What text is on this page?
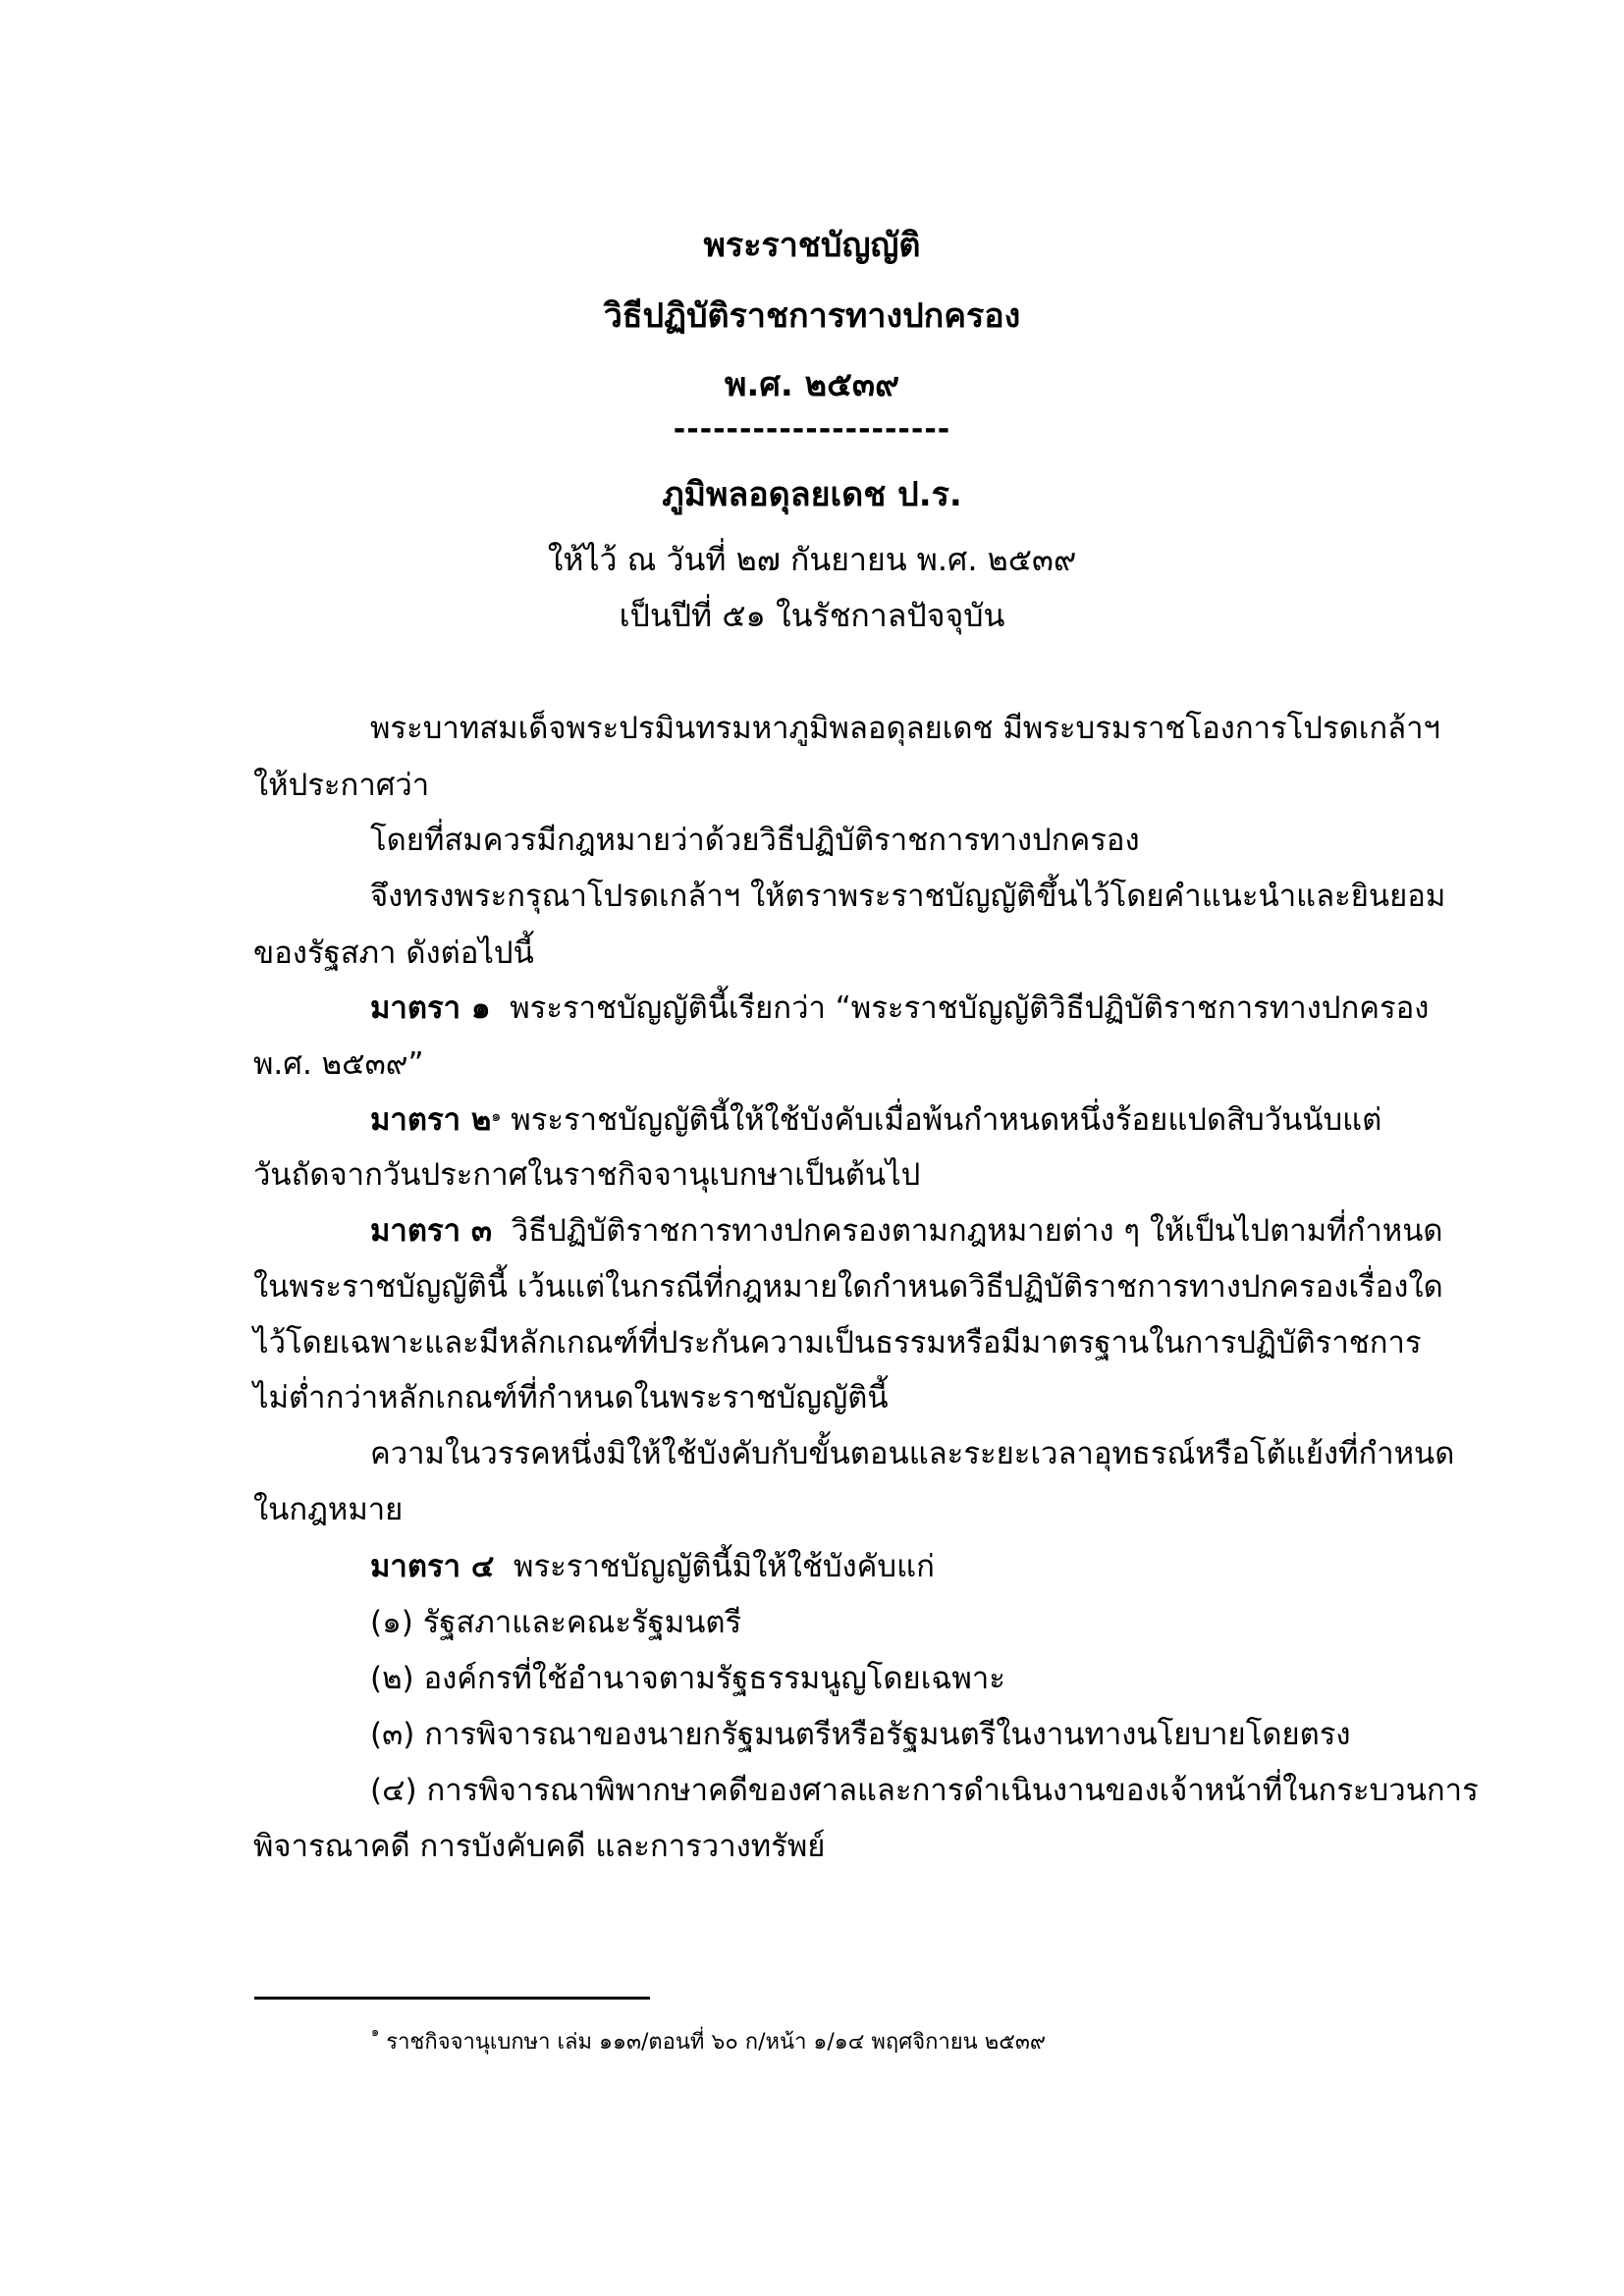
พระราชบัญญัติ
วิธีปฏิบัติราชการทางปกครอง
พ.ศ. ๒๕๓๙
---------------------
ภูมิพลอดุลยเดช ป.ร.
ให้ไว้ ณ วันที่ ๒๗ กันยายน พ.ศ. ๒๕๓๙
เป็นปีที่ ๕๑ ในรัชกาลปัจจุบัน
พระบาทสมเด็จพระปรมินทรมหาภูมิพลอดุลยเดช มีพระบรมราชโองการโปรดเกล้าฯ
ให้ประกาศว่า
โดยที่สมควรมีกฎหมายว่าด้วยวิธีปฏิบัติราชการทางปกครอง
จึงทรงพระกรุณาโปรดเกล้าฯ ให้ตราพระราชบัญญัติขึ้นไว้โดยคำแนะนำและยินยอม
ของรัฐสภา ดังต่อไปนี้
มาตรา ๑ พระราชบัญญัตินี้เรียกว่า “พระราชบัญญัติวิธีปฏิบัติราชการทางปกครอง
พ.ศ. ๒๕๓๙”
มาตรา ๒$^๑$ พระราชบัญญัตินี้ให้ใช้บังคับเมื่อพ้นกำหนดหนึ่งร้อยแปดสิบวันนับแต่
วันถัดจากวันประกาศในราชกิจจานุเบกษาเป็นต้นไป
มาตรา ๓ วิธีปฏิบัติราชการทางปกครองตามกฎหมายต่าง ๆ ให้เป็นไปตามที่กำหนด
ในพระราชบัญญัตินี้ เว้นแต่ในกรณีที่กฎหมายใดกำหนดวิธีปฏิบัติราชการทางปกครองเรื่องใด
ไว้โดยเฉพาะและมีหลักเกณฑ์ที่ประกันความเป็นธรรมหรือมีมาตรฐานในการปฏิบัติราชการ
ไม่ต่ำกว่าหลักเกณฑ์ที่กำหนดในพระราชบัญญัตินี้
ความในวรรคหนึ่งมิให้ใช้บังคับกับขั้นตอนและระยะเวลาอุทธรณ์หรือโต้แย้งที่กำหนด
ในกฎหมาย
มาตรา ๔ พระราชบัญญัตินี้มิให้ใช้บังคับแก่
(๑) รัฐสภาและคณะรัฐมนตรี
(๒) องค์กรที่ใช้อำนาจตามรัฐธรรมนูญโดยเฉพาะ
(๓) การพิจารณาของนายกรัฐมนตรีหรือรัฐมนตรีในงานทางนโยบายโดยตรง
(๔) การพิจารณาพิพากษาคดีของศาลและการดำเนินงานของเจ้าหน้าที่ในกระบวนการ
พิจารณาคดี การบังคับคดี และการวางทรัพย์
$^๑$ ราชกิจจานุเบกษา เล่ม ๑๑๓/ตอนที่ ๖๐ ก/หน้า ๑/๑๔ พฤศจิกายน ๒๕๓๙
